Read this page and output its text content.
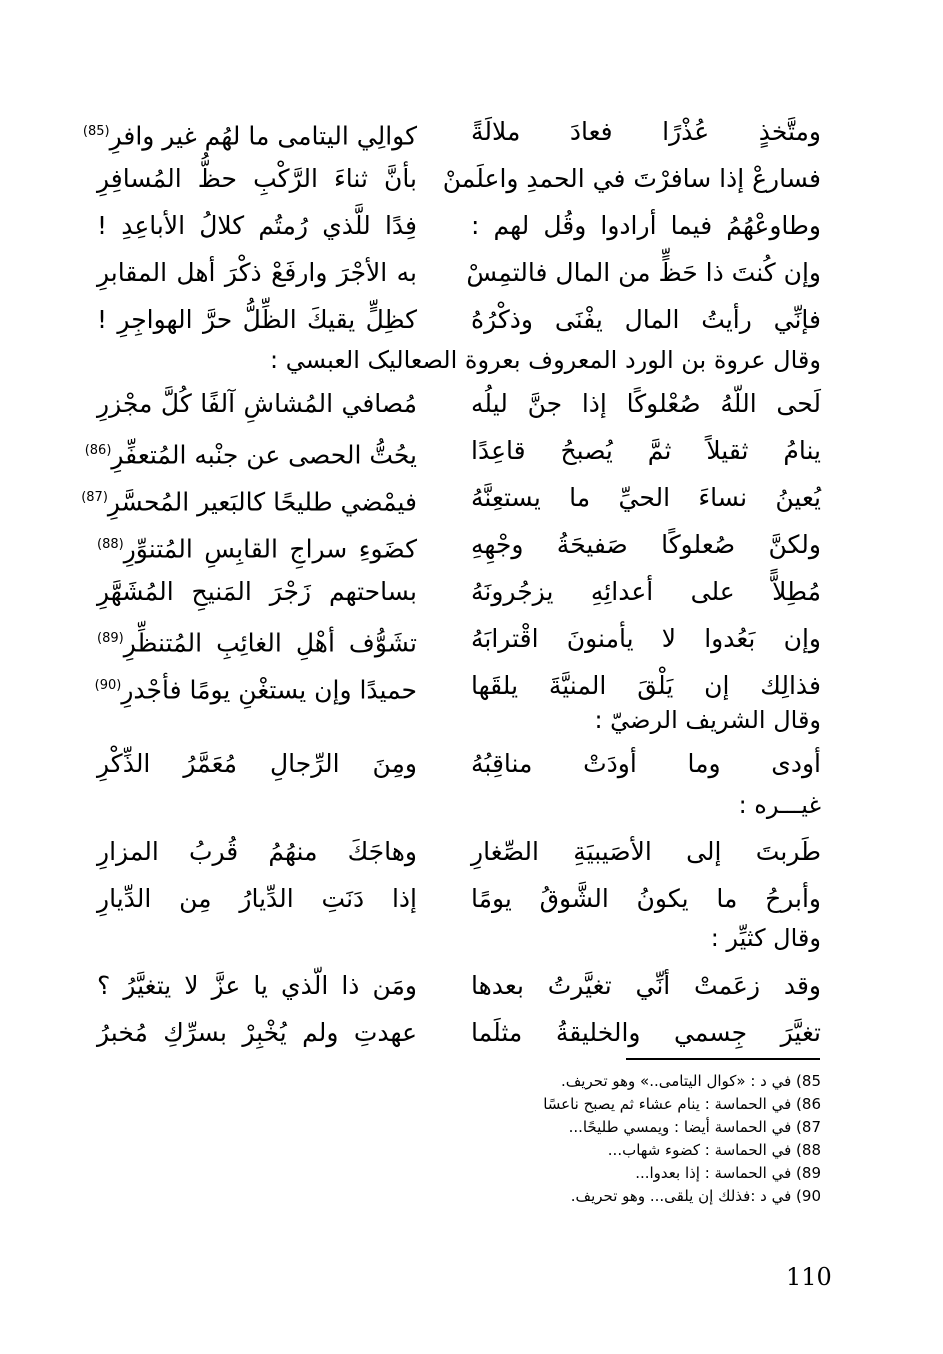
ومتَّخذٍ عُذْرًا فعادَ ملالَةً
كوالِي اليتامى ما لهُم غير وافرِ$^{(85)}$
فسارعْ إذا سافرْتَ في الحمدِ واعلَمنْ
بأنَّ ثناءَ الرَّكْبِ حظُّ المُسافِرِ
وطاوعْهُمُ فيما أرادوا وقُل لهم :
فِدًا للَّذي رُمتُم كلالُ الأباعِدِ !
وإن كُنتَ ذا حَظٍّ من المال فالتمِسْ
به الأجْرَ وارفَعْ ذكْرَ أهل المقابرِ
فإنِّي رأيتُ المال يفْنَى وذكْرُهُ
كظِلٍّ يقيكَ الظِّلُّ حرَّ الهواجِرِ !
وقال عروة بن الورد المعروف بعروة الصعاليک العبسي :
لَحى اللّهُ صُعْلوكًا إذا جنَّ ليلُه
مُصافي المُشاشِ آلفًا كُلَّ مجْزرِ
ينامُ ثقيلاً ثمَّ يُصبحُ قاعِدًا
يحُتُّ الحصى عن جنْبه المُتعفِّرِ$^{(86)}$
يُعينُ نساءَ الحيِّ ما يستعِنَّهُ
فيمْضي طليحًا كالبَعير المُحسَّرِ$^{(87)}$
ولكنَّ صُعلوكًا صَفيحَةُ وجْهِهِ
كضَوءِ سراجِ القابِسِ المُتنوِّرِ$^{(88)}$
مُطِلاًّ على أعدائِهِ يزجُرونَهُ
بساحتهم زَجْرَ المَنيحِ المُشَهَّرِ
وإن بَعُدوا لا يأمنونَ اقْترابَهُ
تشَوُّف أهْلِ الغائِبِ المُتنظِّرِ$^{(89)}$
فذالِك إن يَلْقَ المنيَّةَ يلقَها
حميدًا وإن يستغْنِ يومًا فأجْدرِ$^{(90)}$
وقال الشريف الرضيّ :
أودى وما أودَتْ مناقِبُهُ
ومِنَ الرِّجالِ مُعَمَّرُ الذِّكْرِ
غيـــره :
طَربتَ إلى الأصَيبيَةِ الصِّغارِ
وهاجَكَ منهُمُ قُربُ المزارِ
وأبرحُ ما يكونُ الشَّوقُ يومًا
إذا دَنَتِ الدِّيارُ مِن الدِّيارِ
وقال كثيِّر :
وقد زعَمتْ أنِّي تغيَّرتُ بعدها
ومَن ذا الّذي يا عزَّ لا يتغيَّرُ ؟
تغيَّرَ جِسمي والخليقةُ مثلَما
عهدتِ ولم يُخْبِرْ بسرِّكِ مُخبرُ
85) في د : «كوال اليتامى..» وهو تحريف.
86) في الحماسة : ينام عشاء ثم يصبح ناعسًا
87) في الحماسة أيضا : ويمسي طليحًا...
88) في الحماسة : كضوء شهاب...
89) في الحماسة : إذا بعدوا...
90) في د :فذلك إن يلقى... وهو تحريف.
110
